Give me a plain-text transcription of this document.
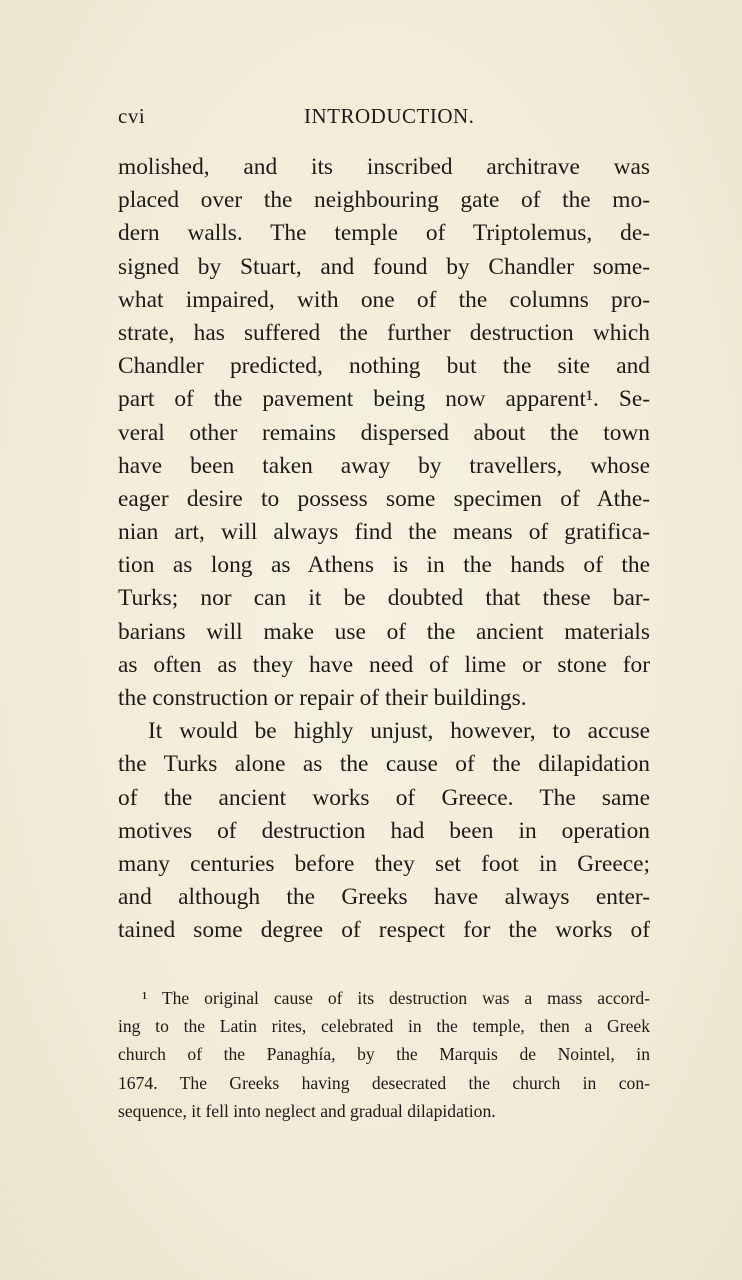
cvi	INTRODUCTION.
molished, and its inscribed architrave was
placed over the neighbouring gate of the mo-
dern walls. The temple of Triptolemus, de-
signed by Stuart, and found by Chandler some-
what impaired, with one of the columns pro-
strate, has suffered the further destruction which
Chandler predicted, nothing but the site and
part of the pavement being now apparent¹. Se-
veral other remains dispersed about the town
have been taken away by travellers, whose
eager desire to possess some specimen of Athe-
nian art, will always find the means of gratifica-
tion as long as Athens is in the hands of the
Turks; nor can it be doubted that these bar-
barians will make use of the ancient materials
as often as they have need of lime or stone for
the construction or repair of their buildings.
It would be highly unjust, however, to accuse
the Turks alone as the cause of the dilapidation
of the ancient works of Greece. The same
motives of destruction had been in operation
many centuries before they set foot in Greece;
and although the Greeks have always enter-
tained some degree of respect for the works of
¹ The original cause of its destruction was a mass accord-
ing to the Latin rites, celebrated in the temple, then a Greek
church of the Panaghía, by the Marquis de Nointel, in
1674. The Greeks having desecrated the church in con-
sequence, it fell into neglect and gradual dilapidation.
